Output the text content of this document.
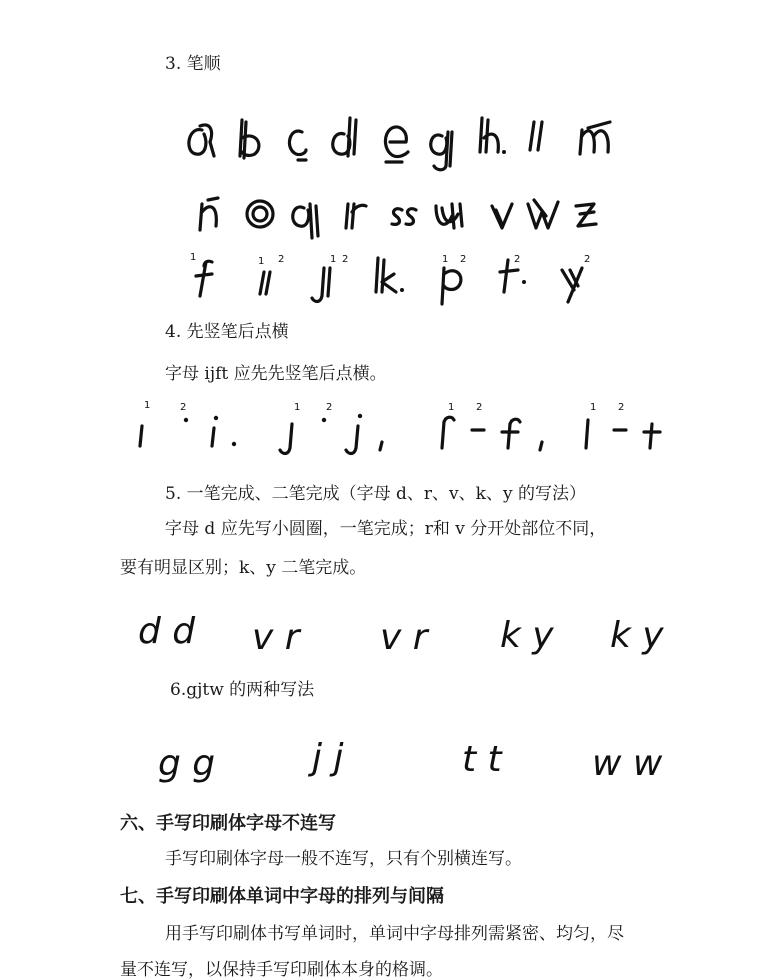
3. 笔顺
1	1 2	1 2	1 2	2	2
4. 先竖笔后点横
字母 ijft 应先先竖笔后点横。
1	2	1	2	1 2	1 2
5. 一笔完成、二笔完成（字母 d、r、v、k、y 的写法）
字母 d 应先写小圆圈，一笔完成；r和 v 分开处部位不同，
要有明显区别；k、y 二笔完成。
d d v r v r k y k y
6.gjtw 的两种写法
g g	j j	t t	w w
六、手写印刷体字母不连写
手写印刷体字母一般不连写，只有个别横连写。
七、手写印刷体单词中字母的排列与间隔
用手写印刷体书写单词时，单词中字母排列需紧密、均匀，尽
量不连写，以保持手写印刷体本身的格调。
